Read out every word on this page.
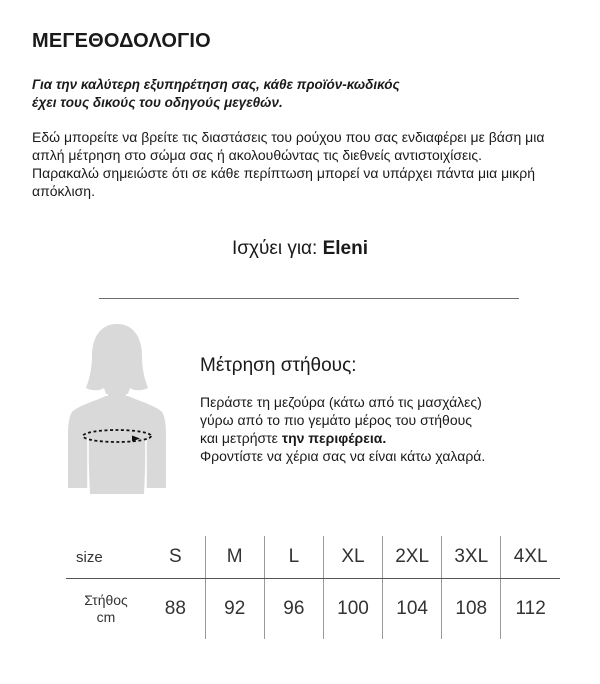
ΜΕΓΕΘΟΔΟΛΟΓΙΟ
Για την καλύτερη εξυπηρέτηση σας, κάθε προϊόν-κωδικός
έχει τους δικούς του οδηγούς μεγεθών.

Εδώ μπορείτε να βρείτε τις διαστάσεις του ρούχου που σας ενδιαφέρει με βάση μια απλή μέτρηση στο σώμα σας ή ακολουθώντας τις διεθνείς αντιστοιχίσεις.

Παρακαλώ σημειώστε ότι σε κάθε περίπτωση μπορεί να υπάρχει πάντα μια μικρή απόκλιση.

Ισχύει για: Eleni
Μέτρηση στήθους:
Περάστε τη μεζούρα (κάτω από τις μασχάλες)
γύρω από το πιο γεμάτο μέρος του στήθους
και μετρήστε την περιφέρεια.
Φροντίστε να χέρια σας να είναι κάτω χαλαρά.
size	S	M	L	XL	2XL	3XL	4XL

Στήθος
cm	88	92	96	100	104	108	112
